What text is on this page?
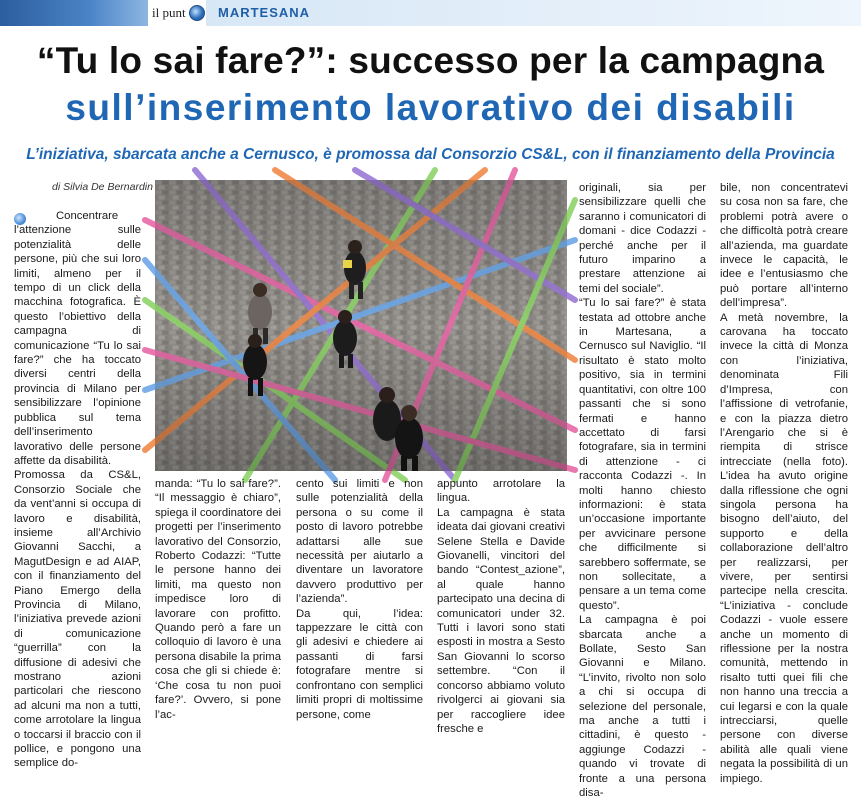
il punt	MARTESANA
“Tu lo sai fare?”: successo per la campagna
sull’inserimento lavorativo dei disabili
L’iniziativa, sbarcata anche a Cernusco, è promossa dal Consorzio CS&L, con il finanziamento della Provincia
di Silvia De Bernardin

Concentrare l’attenzione sulle potenzialità delle persone, più che sui loro limiti, almeno per il tempo di un click della macchina fotografica. È questo l’obiettivo della campagna di comunicazione “Tu lo sai fare?” che ha toccato diversi centri della provincia di Milano per sensibilizzare l’opinione pubblica sul tema dell’inserimento lavorativo delle persone affette da disabilità.

Promossa da CS&L, Consorzio Sociale che da vent’anni si occupa di lavoro e disabilità, insieme all’Archivio Giovanni Sacchi, a MagutDesign e ad AIAP, con il finanziamento del Piano Emergo della Provincia di Milano, l’iniziativa prevede azioni di comunicazione “guerrilla” con la diffusione di adesivi che mostrano azioni particolari che riescono ad alcuni ma non a tutti, come arrotolare la lingua o toccarsi il braccio con il pollice, e pongono una semplice do-

manda: “Tu lo sai fare?”. “Il messaggio è chiaro”, spiega il coordinatore dei progetti per l’inserimento lavorativo del Consorzio, Roberto Codazzi: “Tutte le persone hanno dei limiti, ma questo non impedisce loro di lavorare con profitto. Quando però a fare un colloquio di lavoro è una persona disabile la prima cosa che gli si chiede è: ‘Che cosa tu non puoi fare?’. Ovvero, si pone l’ac-

cento sui limiti e non sulle potenzialità della persona o su come il posto di lavoro potrebbe adattarsi alle sue necessità per aiutarlo a diventare un lavoratore davvero produttivo per l’azienda”.

Da qui, l’idea: tappezzare le città con gli adesivi e chiedere ai passanti di farsi fotografare mentre si confrontano con semplici limiti propri di moltissime persone, come

appunto arrotolare la lingua.

La campagna è stata ideata dai giovani creativi Selene Stella e Davide Giovanelli, vincitori del bando “Contest_azione”, al quale hanno partecipato una decina di comunicatori under 32. Tutti i lavori sono stati esposti in mostra a Sesto San Giovanni lo scorso settembre. “Con il concorso abbiamo voluto rivolgerci ai giovani sia per raccogliere idee fresche e

originali, sia per sensibilizzare quelli che saranno i comunicatori di domani - dice Codazzi - perché anche per il futuro imparino a prestare attenzione ai temi del sociale”.

“Tu lo sai fare?” è stata testata ad ottobre anche in Martesana, a Cernusco sul Naviglio. “Il risultato è stato molto positivo, sia in termini quantitativi, con oltre 100 passanti che si sono fermati e hanno accettato di farsi fotografare, sia in termini di attenzione - ci racconta Codazzi -. In molti hanno chiesto informazioni: è stata un’occasione importante per avvicinare persone che difficilmente si sarebbero soffermate, se non sollecitate, a pensare a un tema come questo”.

La campagna è poi sbarcata anche a Bollate, Sesto San Giovanni e Milano. “L’invito, rivolto non solo a chi si occupa di selezione del personale, ma anche a tutti i cittadini, è questo - aggiunge Codazzi - quando vi trovate di fronte a una persona disa-

bile, non concentratevi su cosa non sa fare, che problemi potrà avere o che difficoltà potrà creare all’azienda, ma guardate invece le capacità, le idee e l’entusiasmo che può portare all’interno dell’impresa”.

A metà novembre, la carovana ha toccato invece la città di Monza con l’iniziativa, denominata Fili d’Impresa, con l’affissione di vetrofanie, e con la piazza dietro l’Arengario che si è riempita di strisce intrecciate (nella foto). L’idea ha avuto origine dalla riflessione che ogni singola persona ha bisogno dell’aiuto, del supporto e della collaborazione dell’altro per realizzarsi, per vivere, per sentirsi partecipe nella crescita. “L’iniziativa - conclude Codazzi - vuole essere anche un momento di riflessione per la nostra comunità, mettendo in risalto tutti quei fili che non hanno una treccia a cui legarsi e con la quale intrecciarsi, quelle persone con diverse abilità alle quali viene negata la possibilità di un impiego.
